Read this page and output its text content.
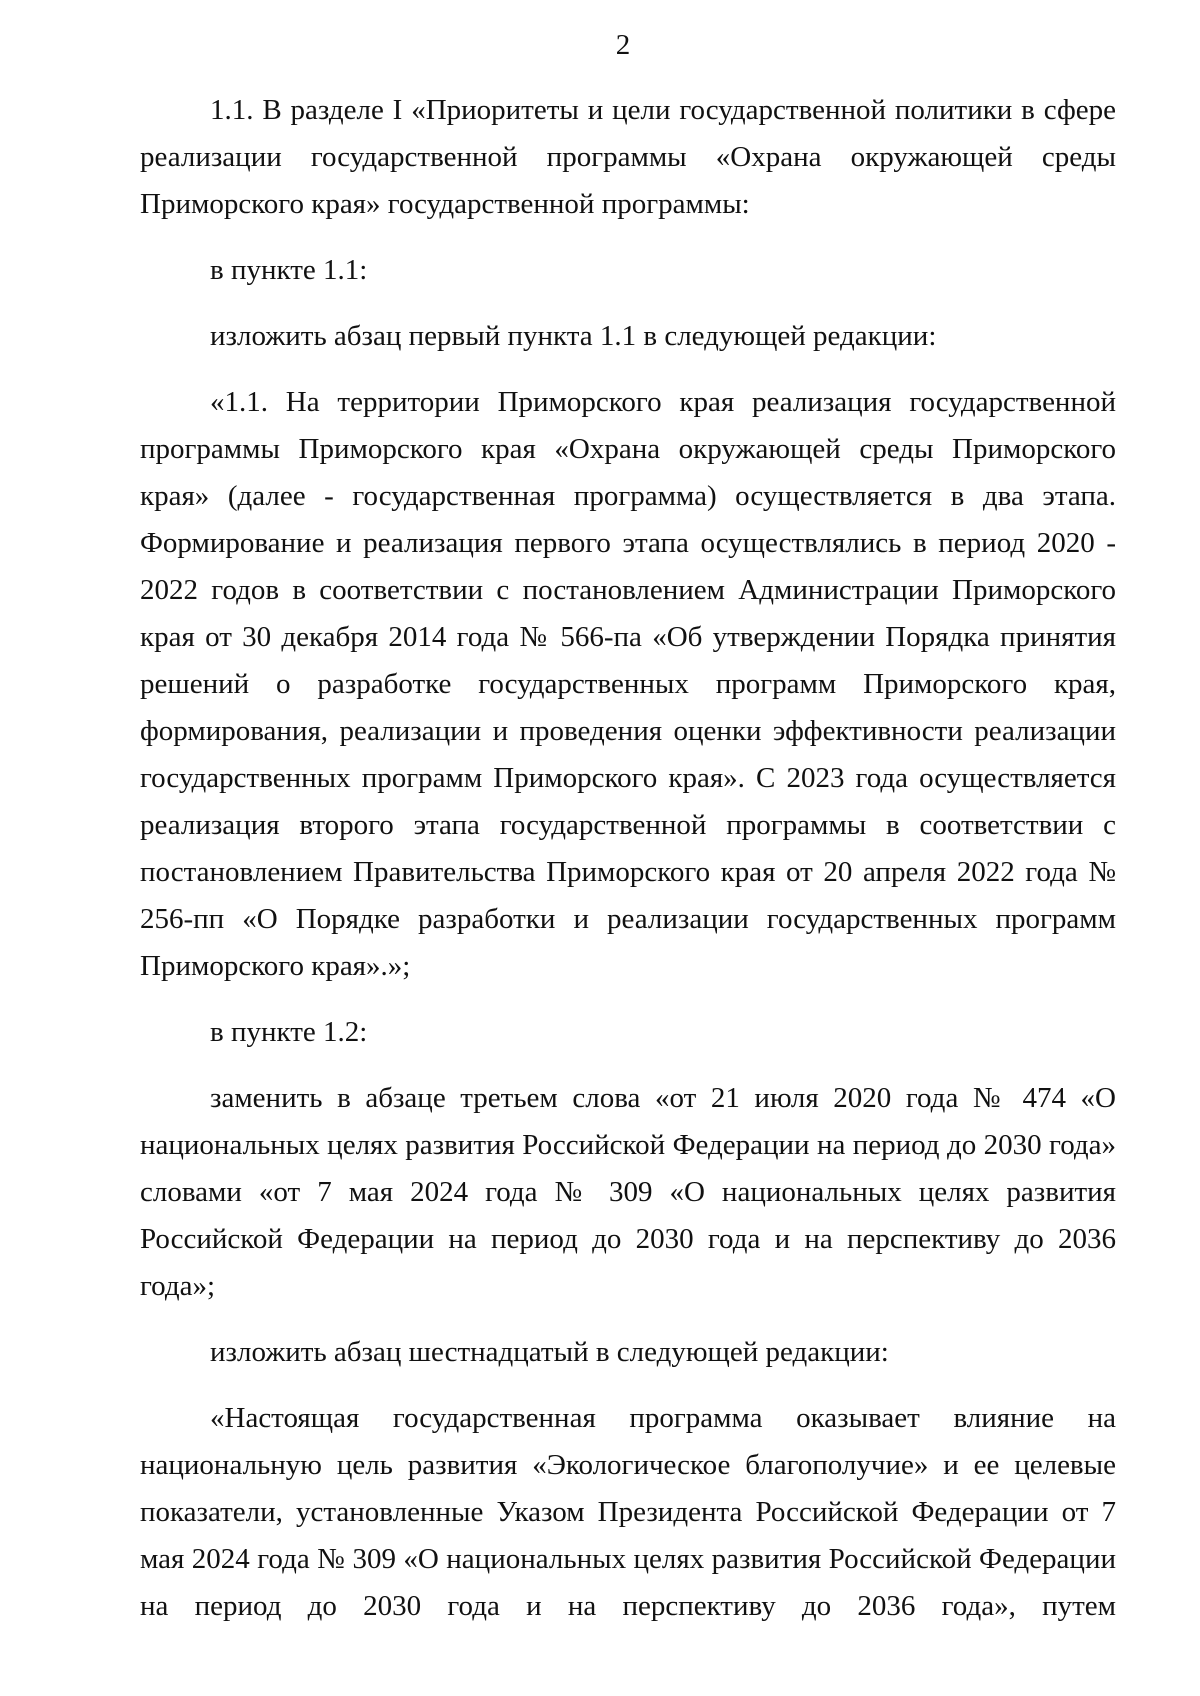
2

1.1. В разделе I «Приоритеты и цели государственной политики в сфере реализации государственной программы «Охрана окружающей среды Приморского края» государственной программы:

в пункте 1.1:

изложить абзац первый пункта 1.1 в следующей редакции:

«1.1. На территории Приморского края реализация государственной программы Приморского края «Охрана окружающей среды Приморского края» (далее - государственная программа) осуществляется в два этапа. Формирование и реализация первого этапа осуществлялись в период 2020 - 2022 годов в соответствии с постановлением Администрации Приморского края от 30 декабря 2014 года № 566-па «Об утверждении Порядка принятия решений о разработке государственных программ Приморского края, формирования, реализации и проведения оценки эффективности реализации государственных программ Приморского края». С 2023 года осуществляется реализация второго этапа государственной программы в соответствии с постановлением Правительства Приморского края от 20 апреля 2022 года № 256-пп «О Порядке разработки и реализации государственных программ Приморского края».»;

в пункте 1.2:

заменить в абзаце третьем слова «от 21 июля 2020 года № 474 «О национальных целях развития Российской Федерации на период до 2030 года» словами «от 7 мая 2024 года № 309 «О национальных целях развития Российской Федерации на период до 2030 года и на перспективу до 2036 года»;

изложить абзац шестнадцатый в следующей редакции:

«Настоящая государственная программа оказывает влияние на национальную цель развития «Экологическое благополучие» и ее целевые показатели, установленные Указом Президента Российской Федерации от 7 мая 2024 года № 309 «О национальных целях развития Российской Федерации на период до 2030 года и на перспективу до 2036 года», путем
